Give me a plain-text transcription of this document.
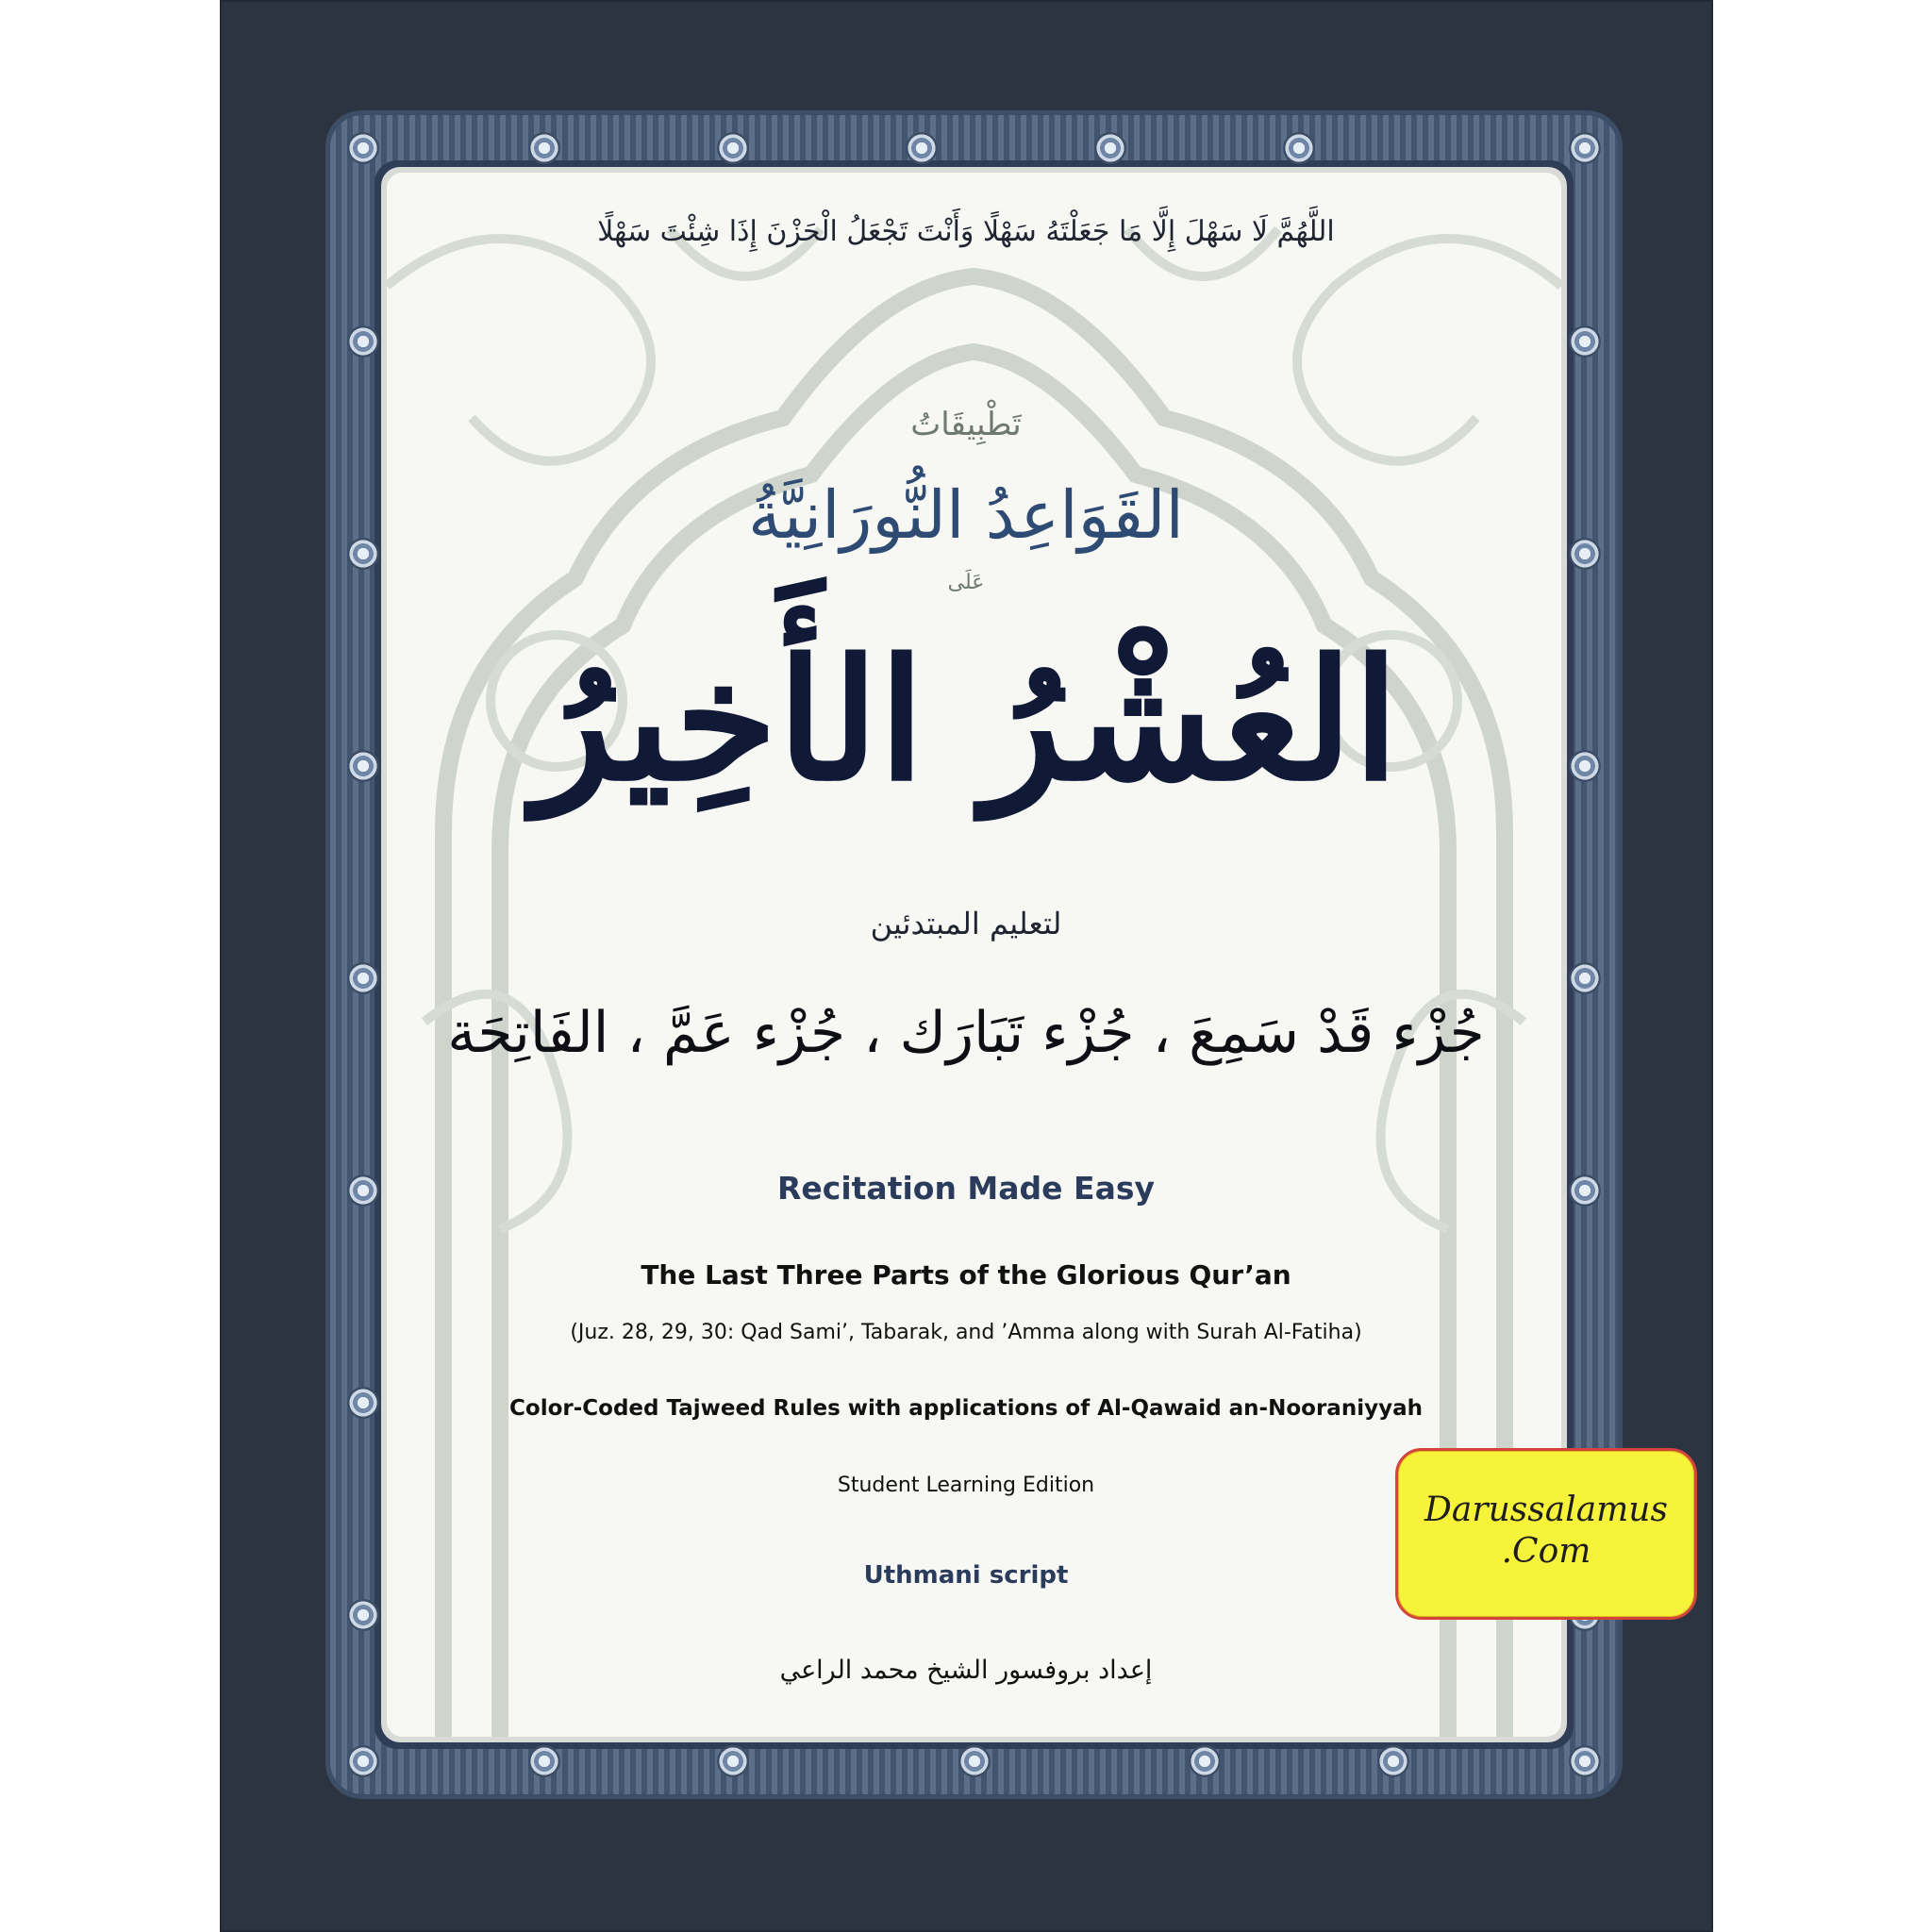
اللَّهُمَّ لَا سَهْلَ إِلَّا مَا جَعَلْتَهُ سَهْلًا وَأَنْتَ تَجْعَلُ الْحَزْنَ إِذَا شِئْتَ سَهْلًا
تَطْبِيقَاتُ
القَوَاعِدُ النُّورَانِيَّةُ
عَلَى
العُشْرُ الأَخِيرُ
لتعليم المبتدئين
جُزْء قَدْ سَمِعَ ، جُزْء تَبَارَك ، جُزْء عَمَّ ، الفَاتِحَة
Recitation Made Easy
The Last Three Parts of the Glorious Qur’an
(Juz. 28, 29, 30: Qad Sami’, Tabarak, and ’Amma along with Surah Al-Fatiha)
Color-Coded Tajweed Rules with applications of Al-Qawaid an-Nooraniyyah
Student Learning Edition
Uthmani script
إعداد بروفسور الشيخ محمد الراعي
Darussalamus
.Com
